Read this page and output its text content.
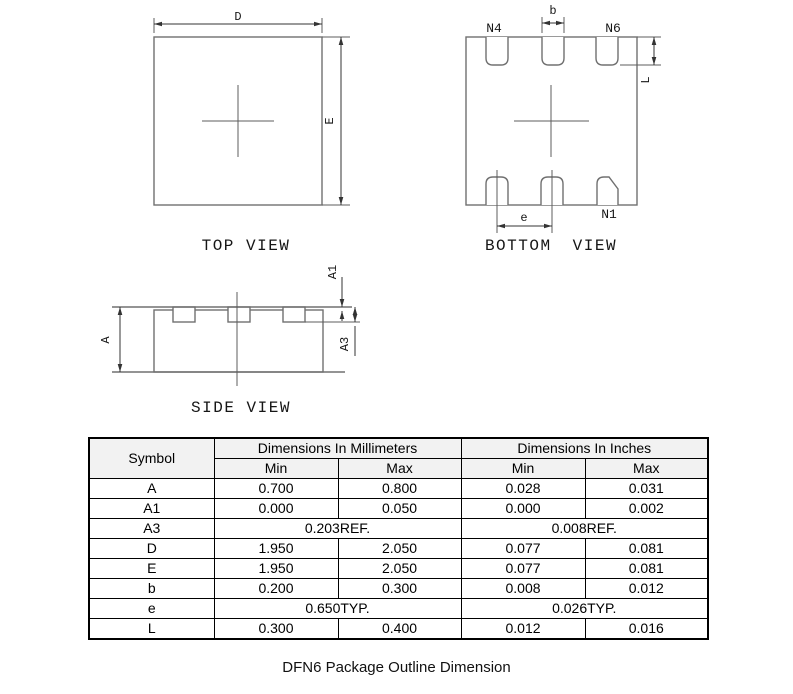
D
E
TOP VIEW
b
L
e
N4	N6
N1
BOTTOM VIEW
A
A1
A3
SIDE VIEW
Symbol	Dimensions In Millimeters		Dimensions In Inches	
	Min	Max	Min	Max
A	0.700	0.800	0.028	0.031
A1	0.000	0.050	0.000	0.002
A3	0.203REF.		0.008REF.	
D	1.950	2.050	0.077	0.081
E	1.950	2.050	0.077	0.081
b	0.200	0.300	0.008	0.012
e	0.650TYP.		0.026TYP.	
L	0.300	0.400	0.012	0.016
DFN6 Package Outline Dimension
